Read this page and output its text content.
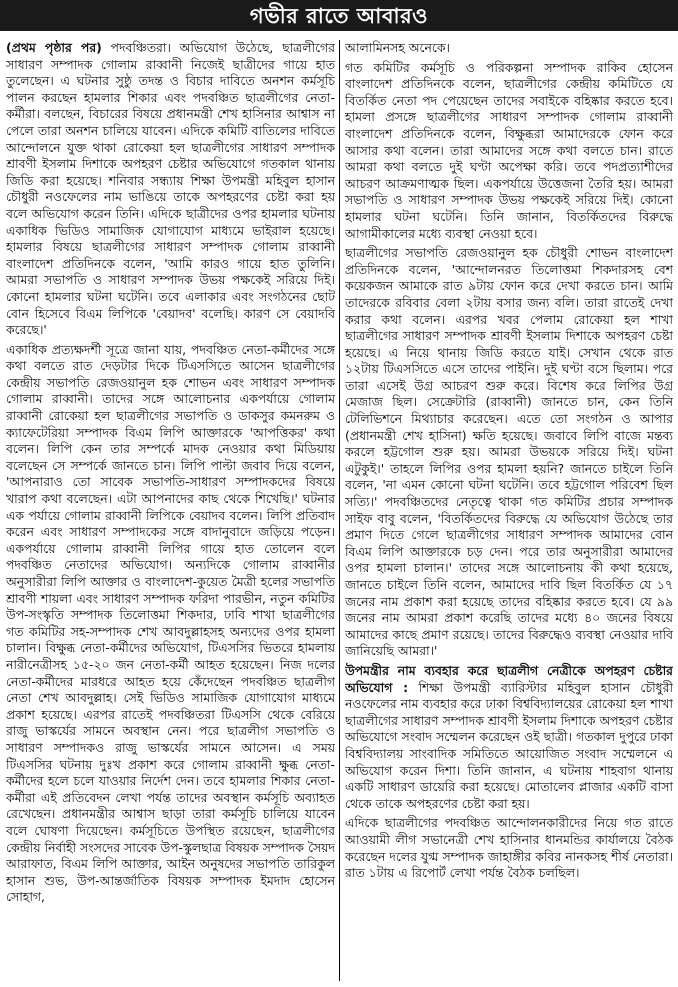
গভীর রাতে আবারও

(প্রথম পৃষ্ঠার পর) পদবঞ্চিতরা। অভিযোগ উঠেছে, ছাত্রলীগের সাধারণ সম্পাদক গোলাম রাব্বানী নিজেই ছাত্রীদের গায়ে হাত তুলেছেন। এ ঘটনার সুষ্ঠু তদন্ত ও বিচার দাবিতে অনশন কর্মসূচি পালন করছেন হামলার শিকার এবং পদবঞ্চিত ছাত্রলীগের নেতা-কর্মীরা। বলছেন, বিচারের বিষয়ে প্রধানমন্ত্রী শেখ হাসিনার আশ্বাস না পেলে তারা অনশন চালিয়ে যাবেন। এদিকে কমিটি বাতিলের দাবিতে আন্দোলনে যুক্ত থাকা রোকেয়া হল ছাত্রলীগের সাধারণ সম্পাদক শ্রাবণী ইসলাম দিশাকে অপহরণ চেষ্টার অভিযোগে গতকাল থানায় জিডি করা হয়েছে। শনিবার সন্ধ্যায় শিক্ষা উপমন্ত্রী মহিবুল হাসান চৌধুরী নওফেলের নাম ভাঙিয়ে তাকে অপহরণের চেষ্টা করা হয় বলে অভিযোগ করেন তিনি। এদিকে ছাত্রীদের ওপর হামলার ঘটনায় একাধিক ভিডিও সামাজিক যোগাযোগ মাধ্যমে ভাইরাল হয়েছে। হামলার বিষয়ে ছাত্রলীগের সাধারণ সম্পাদক গোলাম রাব্বানী বাংলাদেশ প্রতিদিনকে বলেন, 'আমি কারও গায়ে হাত তুলিনি। আমরা সভাপতি ও সাধারণ সম্পাদক উভয় পক্ষকেই সরিয়ে দিই। কোনো হামলার ঘটনা ঘটেনি। তবে এলাকার এবং সংগঠনের ছোট বোন হিসেবে বিএম লিপিকে 'বেয়াদব' বলেছি। কারণ সে বেয়াদবি করেছে।'

একাধিক প্রত্যক্ষদর্শী সূত্রে জানা যায়, পদবঞ্চিত নেতা-কর্মীদের সঙ্গে কথা বলতে রাত দেড়টার দিকে টিএসসিতে আসেন ছাত্রলীগের কেন্দ্রীয় সভাপতি রেজওয়ানুল হক শোভন এবং সাধারণ সম্পাদক গোলাম রাব্বানী। তাদের সঙ্গে আলোচনার একপর্যায়ে গোলাম রাব্বানী রোকেয়া হল ছাত্রলীগের সভাপতি ও ডাকসুর কমনরুম ও ক্যাফেটেরিয়া সম্পাদক বিএম লিপি আক্তারকে 'আপত্তিকর' কথা বলেন। লিপি কেন তার সম্পর্কে মাদক নেওয়ার কথা মিডিয়ায় বলেছেন সে সম্পর্কে জানতে চান। লিপি পাল্টা জবাব দিয়ে বলেন, 'আপনারাও তো সাবেক সভাপতি-সাধারণ সম্পাদকদের বিষয়ে খারাপ কথা বলেছেন। এটা আপনাদের কাছ থেকে শিখেছি।' ঘটনার এক পর্যায়ে গোলাম রাব্বানী লিপিকে বেয়াদব বলেন। লিপি প্রতিবাদ করেন এবং সাধারণ সম্পাদকের সঙ্গে বাদানুবাদে জড়িয়ে পড়েন। একপর্যায়ে গোলাম রাব্বানী লিপির গায়ে হাত তোলেন বলে পদবঞ্চিত নেতাদের অভিযোগ। অন্যদিকে গোলাম রাব্বানীর অনুসারীরা লিপি আক্তার ও বাংলাদেশ-কুয়েত মৈত্রী হলের সভাপতি শ্রাবণী শায়লা এবং সাধারণ সম্পাদক ফরিদা পারভীন, নতুন কমিটির উপ-সংস্কৃতি সম্পাদক তিলোত্তমা শিকদার, ঢাবি শাখা ছাত্রলীগের গত কমিটির সহ-সম্পাদক শেখ আবদুল্লাহসহ অন্যদের ওপর হামলা চালান। বিক্ষুব্ধ নেতা-কর্মীদের অভিযোগ, টিএসসির ভিতরে হামলায় নারীনেত্রীসহ ১৫-২০ জন নেতা-কর্মী আহত হয়েছেন। নিজ দলের নেতা-কর্মীদের মারধরে আহত হয়ে কেঁদেছেন পদবঞ্চিত ছাত্রলীগ নেতা শেখ আবদুল্লাহ। সেই ভিডিও সামাজিক যোগাযোগ মাধ্যমে প্রকাশ হয়েছে। এরপর রাতেই পদবঞ্চিতরা টিএসসি থেকে বেরিয়ে রাজু ভাস্কর্যের সামনে অবস্থান নেন। পরে ছাত্রলীগ সভাপতি ও সাধারণ সম্পাদকও রাজু ভাস্কর্যের সামনে আসেন। এ সময় টিএসসির ঘটনায় দুঃখ প্রকাশ করে গোলাম রাব্বানী ক্ষুব্ধ নেতা-কর্মীদের হলে চলে যাওয়ার নির্দেশ দেন। তবে হামলার শিকার নেতা-কর্মীরা এই প্রতিবেদন লেখা পর্যন্ত তাদের অবস্থান কর্মসূচি অব্যাহত রেখেছেন। প্রধানমন্ত্রীর আশ্বাস ছাড়া তারা কর্মসূচি চালিয়ে যাবেন বলে ঘোষণা দিয়েছেন। কর্মসূচিতে উপস্থিত রয়েছেন, ছাত্রলীগের কেন্দ্রীয় নির্বাহী সংসদের সাবেক উপ-স্কুলছাত্র বিষয়ক সম্পাদক সৈয়দ আরাফাত, বিএম লিপি আক্তার, আইন অনুষদের সভাপতি তারিকুল হাসান শুভ, উপ-আন্তর্জাতিক বিষয়ক সম্পাদক ইমদাদ হোসেন সোহাগ,

আলামিনসহ অনেকে।

গত কমিটির কর্মসূচি ও পরিকল্পনা সম্পাদক রাকিব হোসেন বাংলাদেশ প্রতিদিনকে বলেন, ছাত্রলীগের কেন্দ্রীয় কমিটিতে যে বিতর্কিত নেতা পদ পেয়েছেন তাদের সবাইকে বহিষ্কার করতে হবে। হামলা প্রসঙ্গে ছাত্রলীগের সাধারণ সম্পাদক গোলাম রাব্বানী বাংলাদেশ প্রতিদিনকে বলেন, বিক্ষুব্ধরা আমাদেরকে ফোন করে আসার কথা বলেন। তারা আমাদের সঙ্গে কথা বলতে চান। রাতে আমরা কথা বলতে দুই ঘণ্টা অপেক্ষা করি। তবে পদপ্রত্যাশীদের আচরণ আক্রমণাত্মক ছিল। একপর্যায়ে উত্তেজনা তৈরি হয়। আমরা সভাপতি ও সাধারণ সম্পাদক উভয় পক্ষকেই সরিয়ে দিই। কোনো হামলার ঘটনা ঘটেনি। তিনি জানান, বিতর্কিতদের বিরুদ্ধে আগামীকালের মধ্যে ব্যবস্থা নেওয়া হবে।

ছাত্রলীগের সভাপতি রেজওয়ানুল হক চৌধুরী শোভন বাংলাদেশ প্রতিদিনকে বলেন, 'আন্দোলনরত তিলোত্তমা শিকদারসহ বেশ কয়েকজন আমাকে রাত ৯টায় ফোন করে দেখা করতে চান। আমি তাদেরকে রবিবার বেলা ২টায় বসার জন্য বলি। তারা রাতেই দেখা করার কথা বলেন। এরপর খবর পেলাম রোকেয়া হল শাখা ছাত্রলীগের সাধারণ সম্পাদক শ্রাবণী ইসলাম দিশাকে অপহরণ চেষ্টা হয়েছে। এ নিয়ে থানায় জিডি করতে যাই। সেখান থেকে রাত ১২টায় টিএসসিতে এসে তাদের পাইনি। দুই ঘণ্টা বসে ছিলাম। পরে তারা এসেই উগ্র আচরণ শুরু করে। বিশেষ করে লিপির উগ্র মেজাজ ছিল। সেক্রেটারি (রাব্বানী) জানতে চান, কেন তিনি টেলিভিশনে মিথ্যাচার করেছেন। এতে তো সংগঠন ও আপার (প্রধানমন্ত্রী শেখ হাসিনা) ক্ষতি হয়েছে। জবাবে লিপি বাজে মন্তব্য করলে হট্টগোল শুরু হয়। আমরা উভয়কে সরিয়ে দিই। ঘটনা এটুকুই।' তাহলে লিপির ওপর হামলা হয়নি? জানতে চাইলে তিনি বলেন, 'না এমন কোনো ঘটনা ঘটেনি। তবে হট্টগোল পরিবেশ ছিল সত্যি।' পদবঞ্চিতদের নেতৃত্বে থাকা গত কমিটির প্রচার সম্পাদক সাইফ বাবু বলেন, 'বিতর্কিতদের বিরুদ্ধে যে অভিযোগ উঠেছে তার প্রমাণ দিতে গেলে ছাত্রলীগের সাধারণ সম্পাদক আমাদের বোন বিএম লিপি আক্তারকে চড় দেন। পরে তার অনুসারীরা আমাদের ওপর হামলা চালান।' তাদের সঙ্গে আলোচনায় কী কথা হয়েছে, জানতে চাইলে তিনি বলেন, আমাদের দাবি ছিল বিতর্কিত যে ১৭ জনের নাম প্রকাশ করা হয়েছে তাদের বহিষ্কার করতে হবে। যে ৯৯ জনের নাম আমরা প্রকাশ করেছি তাদের মধ্যে ৪০ জনের বিষয়ে আমাদের কাছে প্রমাণ রয়েছে। তাদের বিরুদ্ধেও ব্যবস্থা নেওয়ার দাবি জানিয়েছি আমরা।'

উপমন্ত্রীর নাম ব্যবহার করে ছাত্রলীগ নেত্রীকে অপহরণ চেষ্টার অভিযোগ : শিক্ষা উপমন্ত্রী ব্যারিস্টার মহিবুল হাসান চৌধুরী নওফেলের নাম ব্যবহার করে ঢাকা বিশ্ববিদ্যালয়ের রোকেয়া হল শাখা ছাত্রলীগের সাধারণ সম্পাদক শ্রাবণী ইসলাম দিশাকে অপহরণ চেষ্টার অভিযোগে সংবাদ সম্মেলন করেছেন ওই ছাত্রী। গতকাল দুপুরে ঢাকা বিশ্ববিদ্যালয় সাংবাদিক সমিতিতে আয়োজিত সংবাদ সম্মেলনে এ অভিযোগ করেন দিশা। তিনি জানান, এ ঘটনায় শাহবাগ থানায় একটি সাধারণ ডায়েরি করা হয়েছে। মোতালেব প্লাজার একটি বাসা থেকে তাকে অপহরণের চেষ্টা করা হয়।

এদিকে ছাত্রলীগের পদবঞ্চিত আন্দোলনকারীদের নিয়ে গত রাতে আওয়ামী লীগ সভানেত্রী শেখ হাসিনার ধানমন্ডির কার্যালয়ে বৈঠক করেছেন দলের যুগ্ম সম্পাদক জাহাঙ্গীর কবির নানকসহ শীর্ষ নেতারা। রাত ১টায় এ রিপোর্ট লেখা পর্যন্ত বৈঠক চলছিল।
